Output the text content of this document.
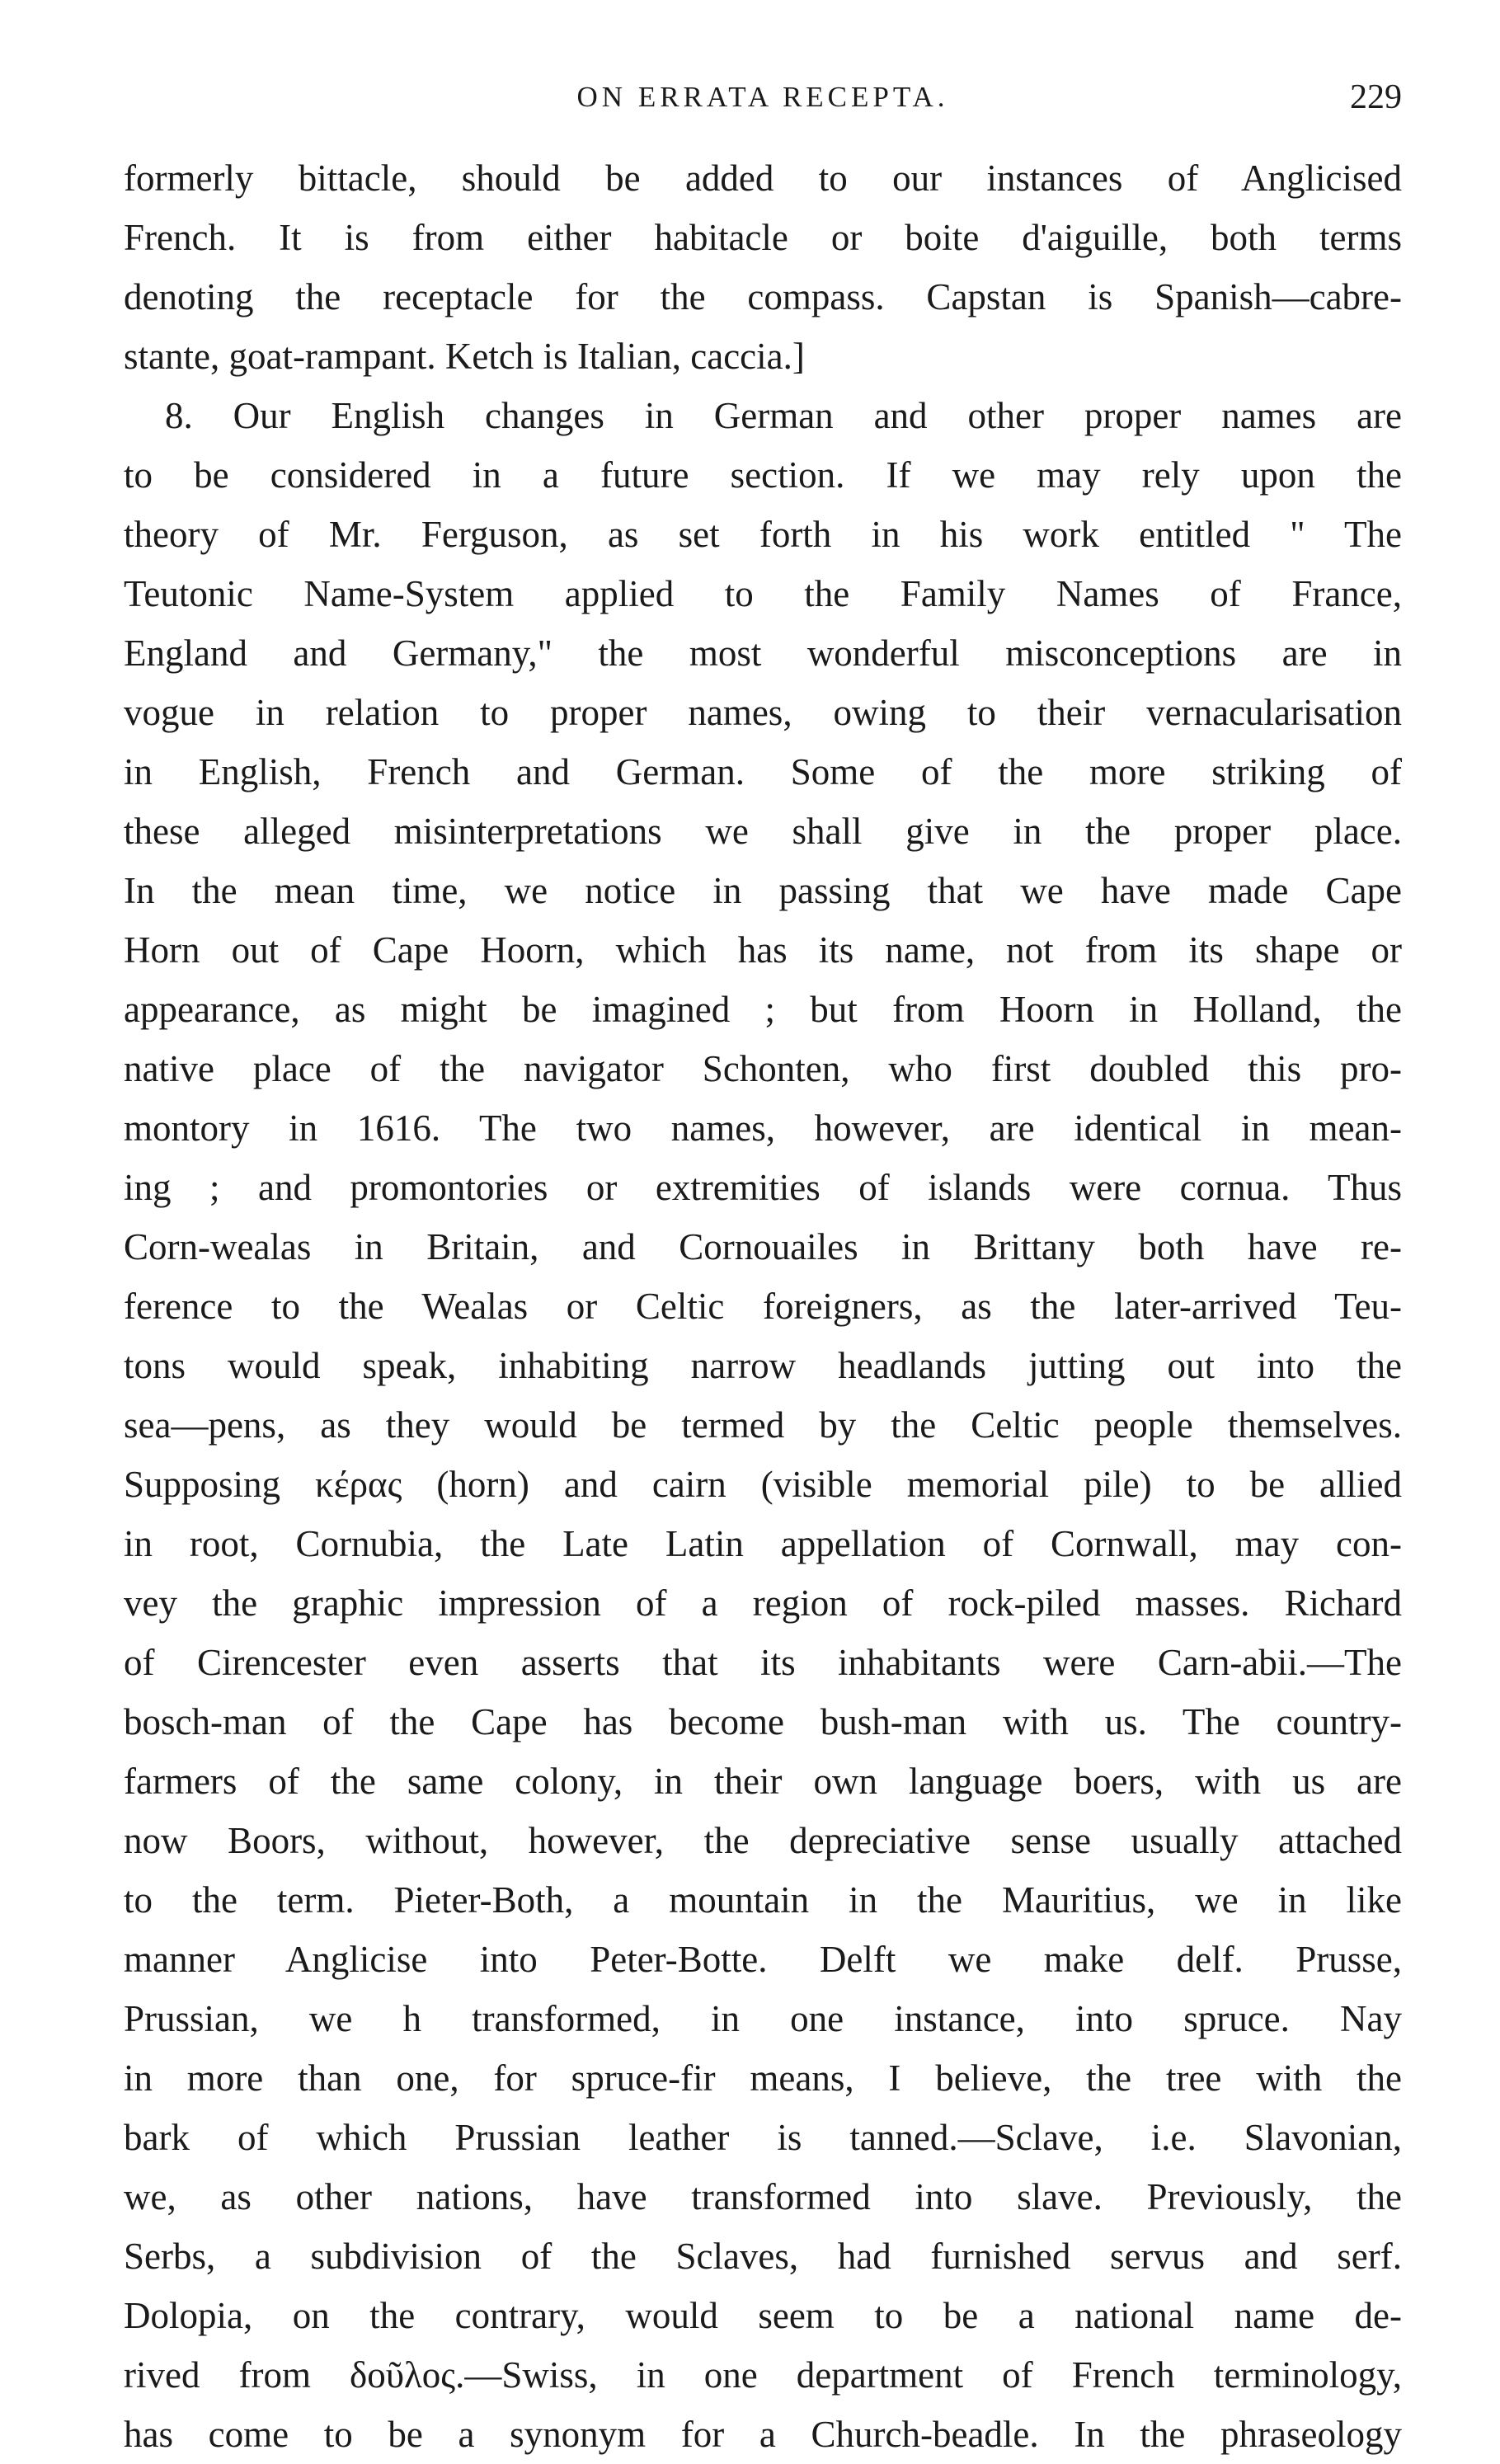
ON ERRATA RECEPTA.	229
formerly bittacle, should be added to our instances of Anglicised
French. It is from either habitacle or boite d'aiguille, both terms
denoting the receptacle for the compass. Capstan is Spanish—cabre-
stante, goat-rampant. Ketch is Italian, caccia.]
8. Our English changes in German and other proper names are
to be considered in a future section. If we may rely upon the
theory of Mr. Ferguson, as set forth in his work entitled " The
Teutonic Name-System applied to the Family Names of France,
England and Germany," the most wonderful misconceptions are in
vogue in relation to proper names, owing to their vernacularisation
in English, French and German. Some of the more striking of
these alleged misinterpretations we shall give in the proper place.
In the mean time, we notice in passing that we have made Cape
Horn out of Cape Hoorn, which has its name, not from its shape or
appearance, as might be imagined ; but from Hoorn in Holland, the
native place of the navigator Schonten, who first doubled this pro-
montory in 1616. The two names, however, are identical in mean-
ing ; and promontories or extremities of islands were cornua. Thus
Corn-wealas in Britain, and Cornouailes in Brittany both have re-
ference to the Wealas or Celtic foreigners, as the later-arrived Teu-
tons would speak, inhabiting narrow headlands jutting out into the
sea—pens, as they would be termed by the Celtic people themselves.
Supposing κέρας (horn) and cairn (visible memorial pile) to be allied
in root, Cornubia, the Late Latin appellation of Cornwall, may con-
vey the graphic impression of a region of rock-piled masses. Richard
of Cirencester even asserts that its inhabitants were Carn-abii.—The
bosch-man of the Cape has become bush-man with us. The country-
farmers of the same colony, in their own language boers, with us are
now Boors, without, however, the depreciative sense usually attached
to the term. Pieter-Both, a mountain in the Mauritius, we in like
manner Anglicise into Peter-Botte. Delft we make delf. Prusse,
Prussian, we h transformed, in one instance, into spruce. Nay
in more than one, for spruce-fir means, I believe, the tree with the
bark of which Prussian leather is tanned.—Sclave, i.e. Slavonian,
we, as other nations, have transformed into slave. Previously, the
Serbs, a subdivision of the Sclaves, had furnished servus and serf.
Dolopia, on the contrary, would seem to be a national name de-
rived from δοῦλος.—Swiss, in one department of French terminology,
has come to be a synonym for a Church-beadle. In the phraseology
